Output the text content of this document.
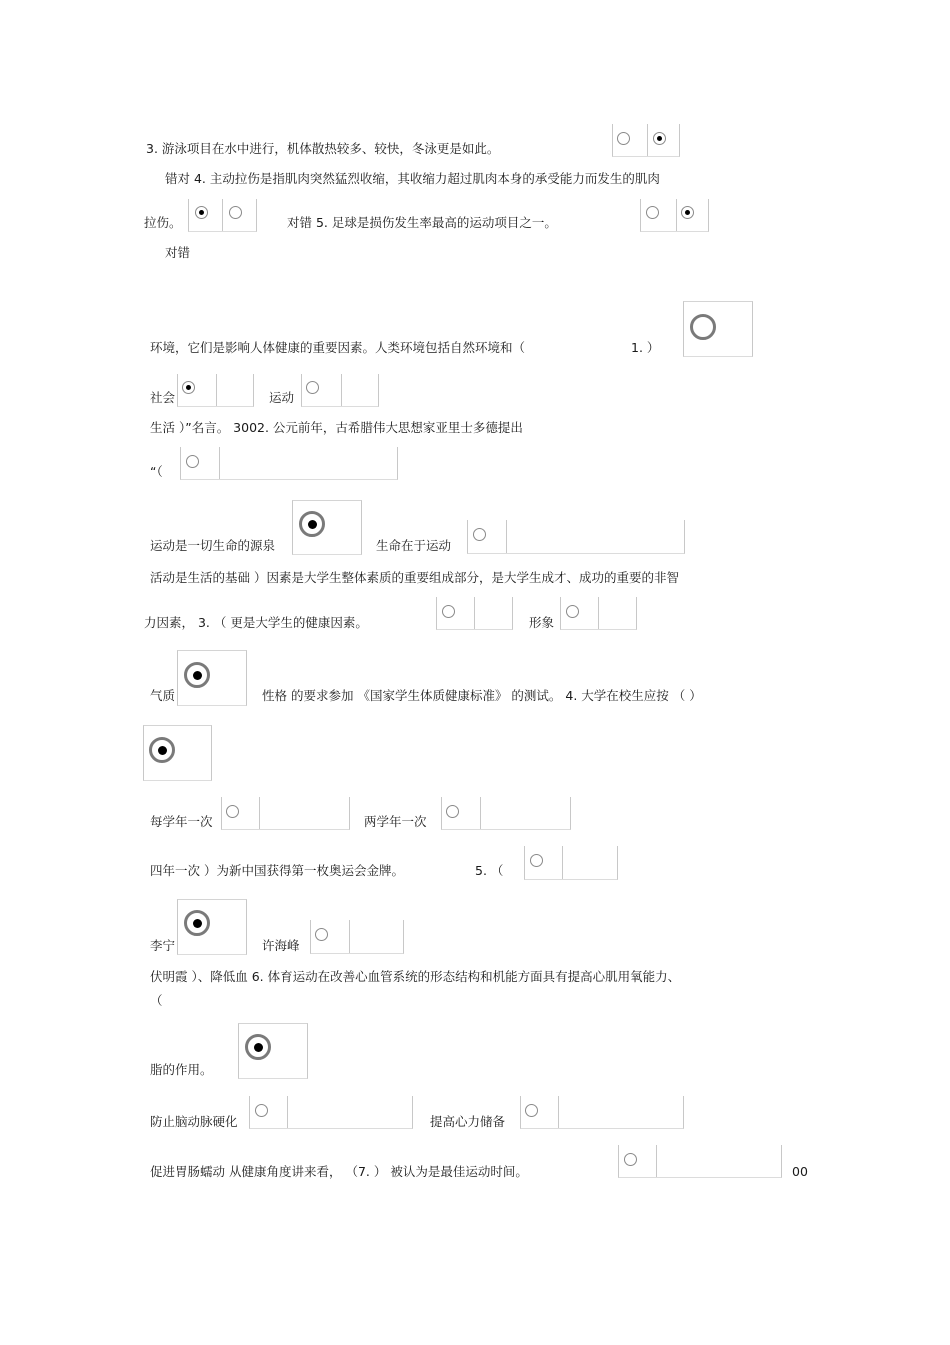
3. 游泳项目在水中进行，机体散热较多、较快，冬泳更是如此。
错对 4. 主动拉伤是指肌肉突然猛烈收缩，其收缩力超过肌肉本身的承受能力而发生的肌肉
拉伤。	对错 5. 足球是损伤发生率最高的运动项目之一。
对错
环境，它们是影响人体健康的重要因素。人类环境包括自然环境和（	1. ）
社会	运动
生活 ）”名言。 3002. 公元前年，古希腊伟大思想家亚里士多德提出
“（
运动是一切生命的源泉	生命在于运动
活动是生活的基础 ）因素是大学生整体素质的重要组成部分，是大学生成才、成功的重要的非智
力因素， 3. （ 更是大学生的健康因素。	形象
气质	性格 的要求参加 《国家学生体质健康标准》 的测试。 4. 大学在校生应按 （ ）
每学年一次	两学年一次
四年一次 ）为新中国获得第一枚奥运会金牌。	5. （
李宁	许海峰
伏明霞 ）、降低血 6. 体育运动在改善心血管系统的形态结构和机能方面具有提高心肌用氧能力、
（
脂的作用。
防止脑动脉硬化	提高心力储备
促进胃肠蠕动 从健康角度讲来看， （7. ） 被认为是最佳运动时间。	00
